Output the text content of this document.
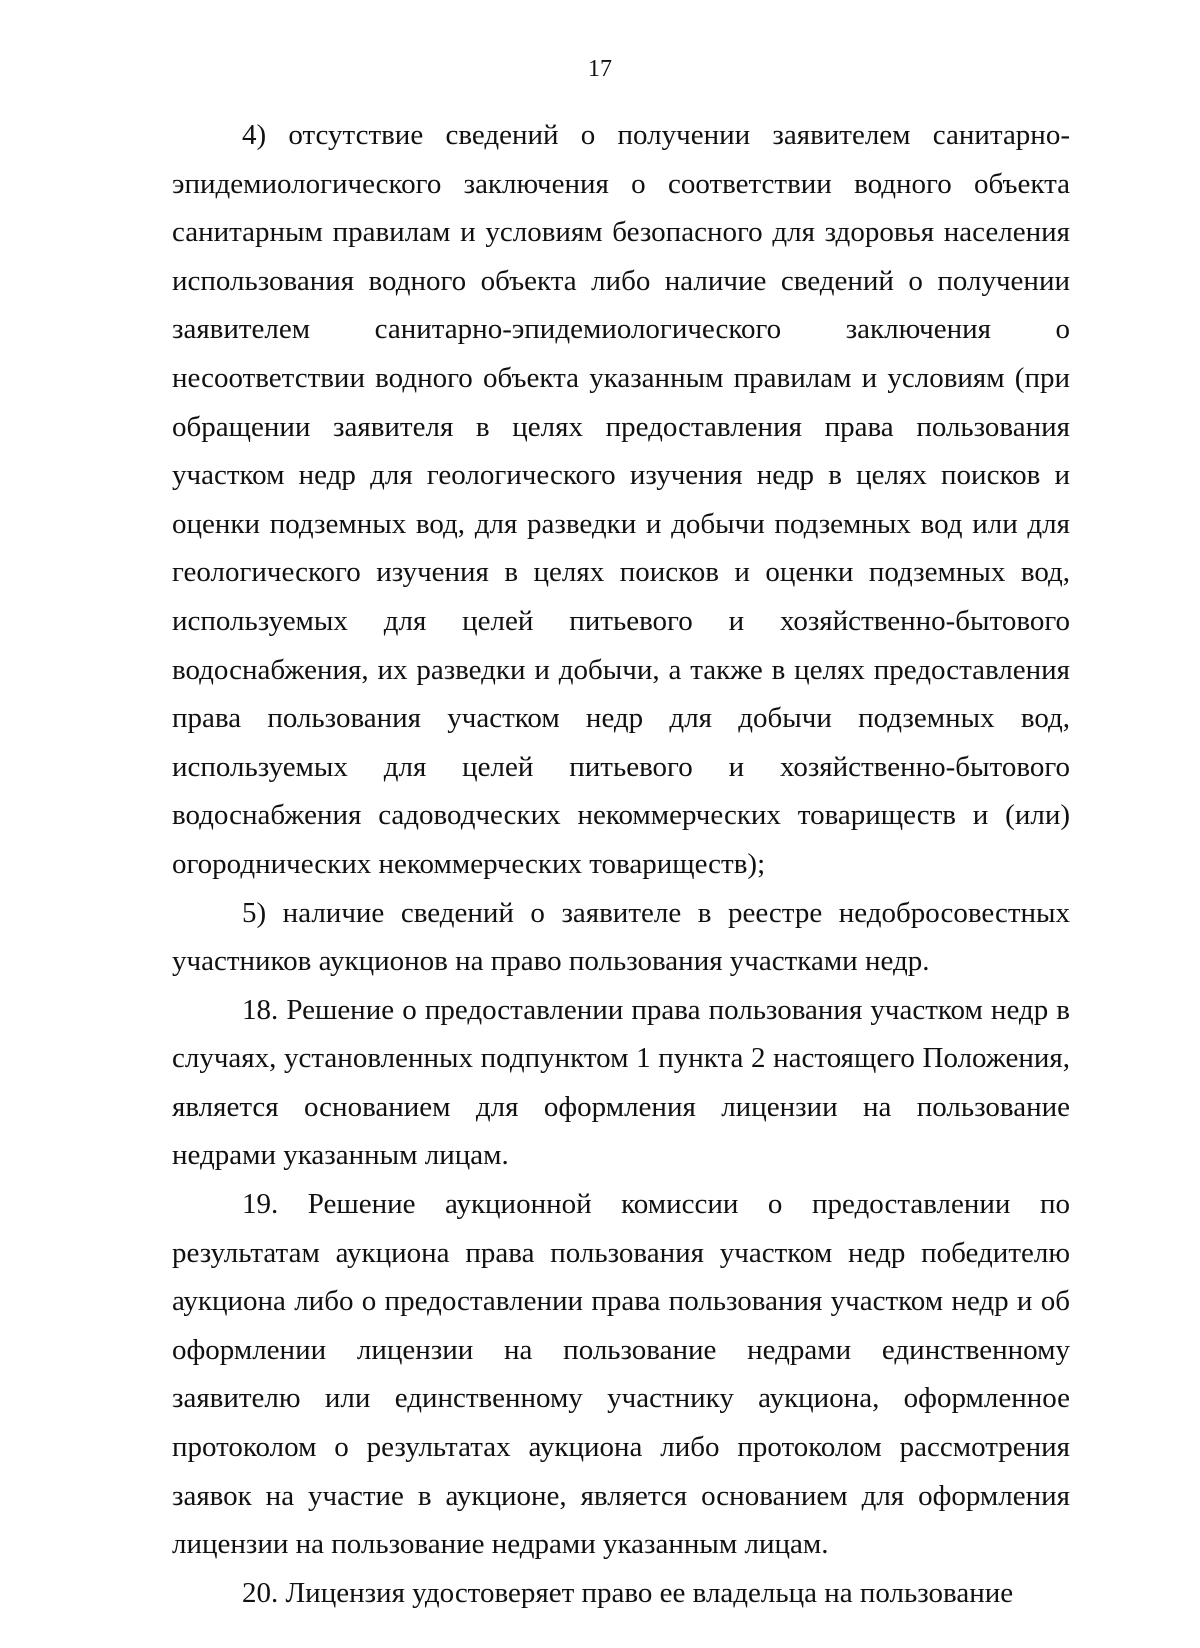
17

4) отсутствие сведений о получении заявителем санитарно-эпидемиологического заключения о соответствии водного объекта санитарным правилам и условиям безопасного для здоровья населения использования водного объекта либо наличие сведений о получении заявителем санитарно-эпидемиологического заключения о несоответствии водного объекта указанным правилам и условиям (при обращении заявителя в целях предоставления права пользования участком недр для геологического изучения недр в целях поисков и оценки подземных вод, для разведки и добычи подземных вод или для геологического изучения в целях поисков и оценки подземных вод, используемых для целей питьевого и хозяйственно-бытового водоснабжения, их разведки и добычи, а также в целях предоставления права пользования участком недр для добычи подземных вод, используемых для целей питьевого и хозяйственно-бытового водоснабжения садоводческих некоммерческих товариществ и (или) огороднических некоммерческих товариществ);

5) наличие сведений о заявителе в реестре недобросовестных участников аукционов на право пользования участками недр.

18. Решение о предоставлении права пользования участком недр в случаях, установленных подпунктом 1 пункта 2 настоящего Положения, является основанием для оформления лицензии на пользование недрами указанным лицам.

19. Решение аукционной комиссии о предоставлении по результатам аукциона права пользования участком недр победителю аукциона либо о предоставлении права пользования участком недр и об оформлении лицензии на пользование недрами единственному заявителю или единственному участнику аукциона, оформленное протоколом о результатах аукциона либо протоколом рассмотрения заявок на участие в аукционе, является основанием для оформления лицензии на пользование недрами указанным лицам.

20. Лицензия удостоверяет право ее владельца на пользование
